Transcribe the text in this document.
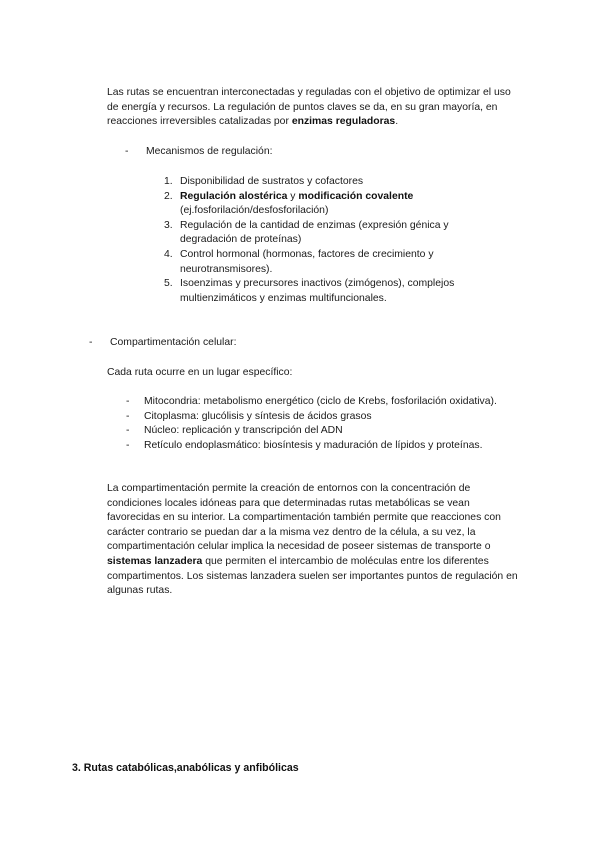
Las rutas se encuentran interconectadas y reguladas con el objetivo de optimizar el uso de energía y recursos. La regulación de puntos claves se da, en su gran mayoría, en reacciones irreversibles catalizadas por enzimas reguladoras.

-	Mecanismos de regulación:
1. Disponibilidad de sustratos y cofactores
2. Regulación alostérica y modificación covalente
(ej.fosforilación/desfosforilación)
3. Regulación de la cantidad de enzimas (expresión génica y degradación de proteínas)
4. Control hormonal (hormonas, factores de crecimiento y neurotransmisores).
5. Isoenzimas y precursores inactivos (zimógenos), complejos multienzimáticos y enzimas multifuncionales.
-	Compartimentación celular:
Cada ruta ocurre en un lugar específico:
-	Mitocondria: metabolismo energético (ciclo de Krebs, fosforilación oxidativa).
-	Citoplasma: glucólisis y síntesis de ácidos grasos
-	Núcleo: replicación y transcripción del ADN
-	Retículo endoplasmático: biosíntesis y maduración de lípidos y proteínas.

La compartimentación permite la creación de entornos con la concentración de condiciones locales idóneas para que determinadas rutas metabólicas se vean favorecidas en su interior. La compartimentación también permite que reacciones con carácter contrario se puedan dar a la misma vez dentro de la célula, a su vez, la compartimentación celular implica la necesidad de poseer sistemas de transporte o sistemas lanzadera que permiten el intercambio de moléculas entre los diferentes compartimentos. Los sistemas lanzadera suelen ser importantes puntos de regulación en algunas rutas.

3. Rutas catabólicas,anabólicas y anfibólicas
